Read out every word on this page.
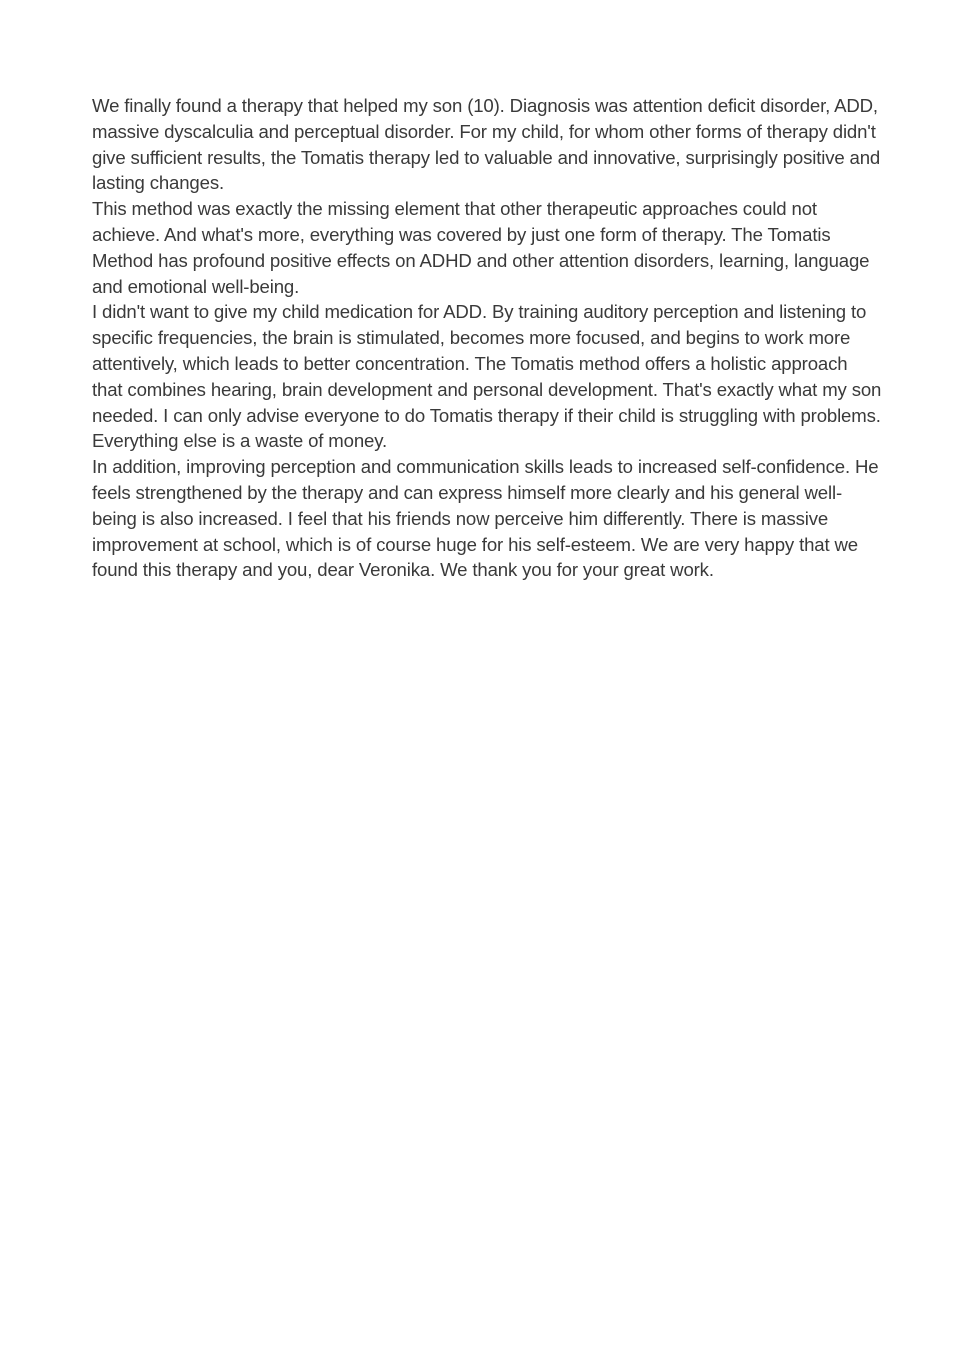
We finally found a therapy that helped my son (10). Diagnosis was attention deficit disorder, ADD, massive dyscalculia and perceptual disorder. For my child, for whom other forms of therapy didn't give sufficient results, the Tomatis therapy led to valuable and innovative, surprisingly positive and lasting changes.

This method was exactly the missing element that other therapeutic approaches could not achieve. And what's more, everything was covered by just one form of therapy. The Tomatis Method has profound positive effects on ADHD and other attention disorders, learning, language and emotional well-being.

I didn't want to give my child medication for ADD. By training auditory perception and listening to specific frequencies, the brain is stimulated, becomes more focused, and begins to work more attentively, which leads to better concentration. The Tomatis method offers a holistic approach that combines hearing, brain development and personal development. That's exactly what my son needed. I can only advise everyone to do Tomatis therapy if their child is struggling with problems. Everything else is a waste of money.

In addition, improving perception and communication skills leads to increased self-confidence. He feels strengthened by the therapy and can express himself more clearly and his general well-being is also increased. I feel that his friends now perceive him differently. There is massive improvement at school, which is of course huge for his self-esteem. We are very happy that we found this therapy and you, dear Veronika. We thank you for your great work.
